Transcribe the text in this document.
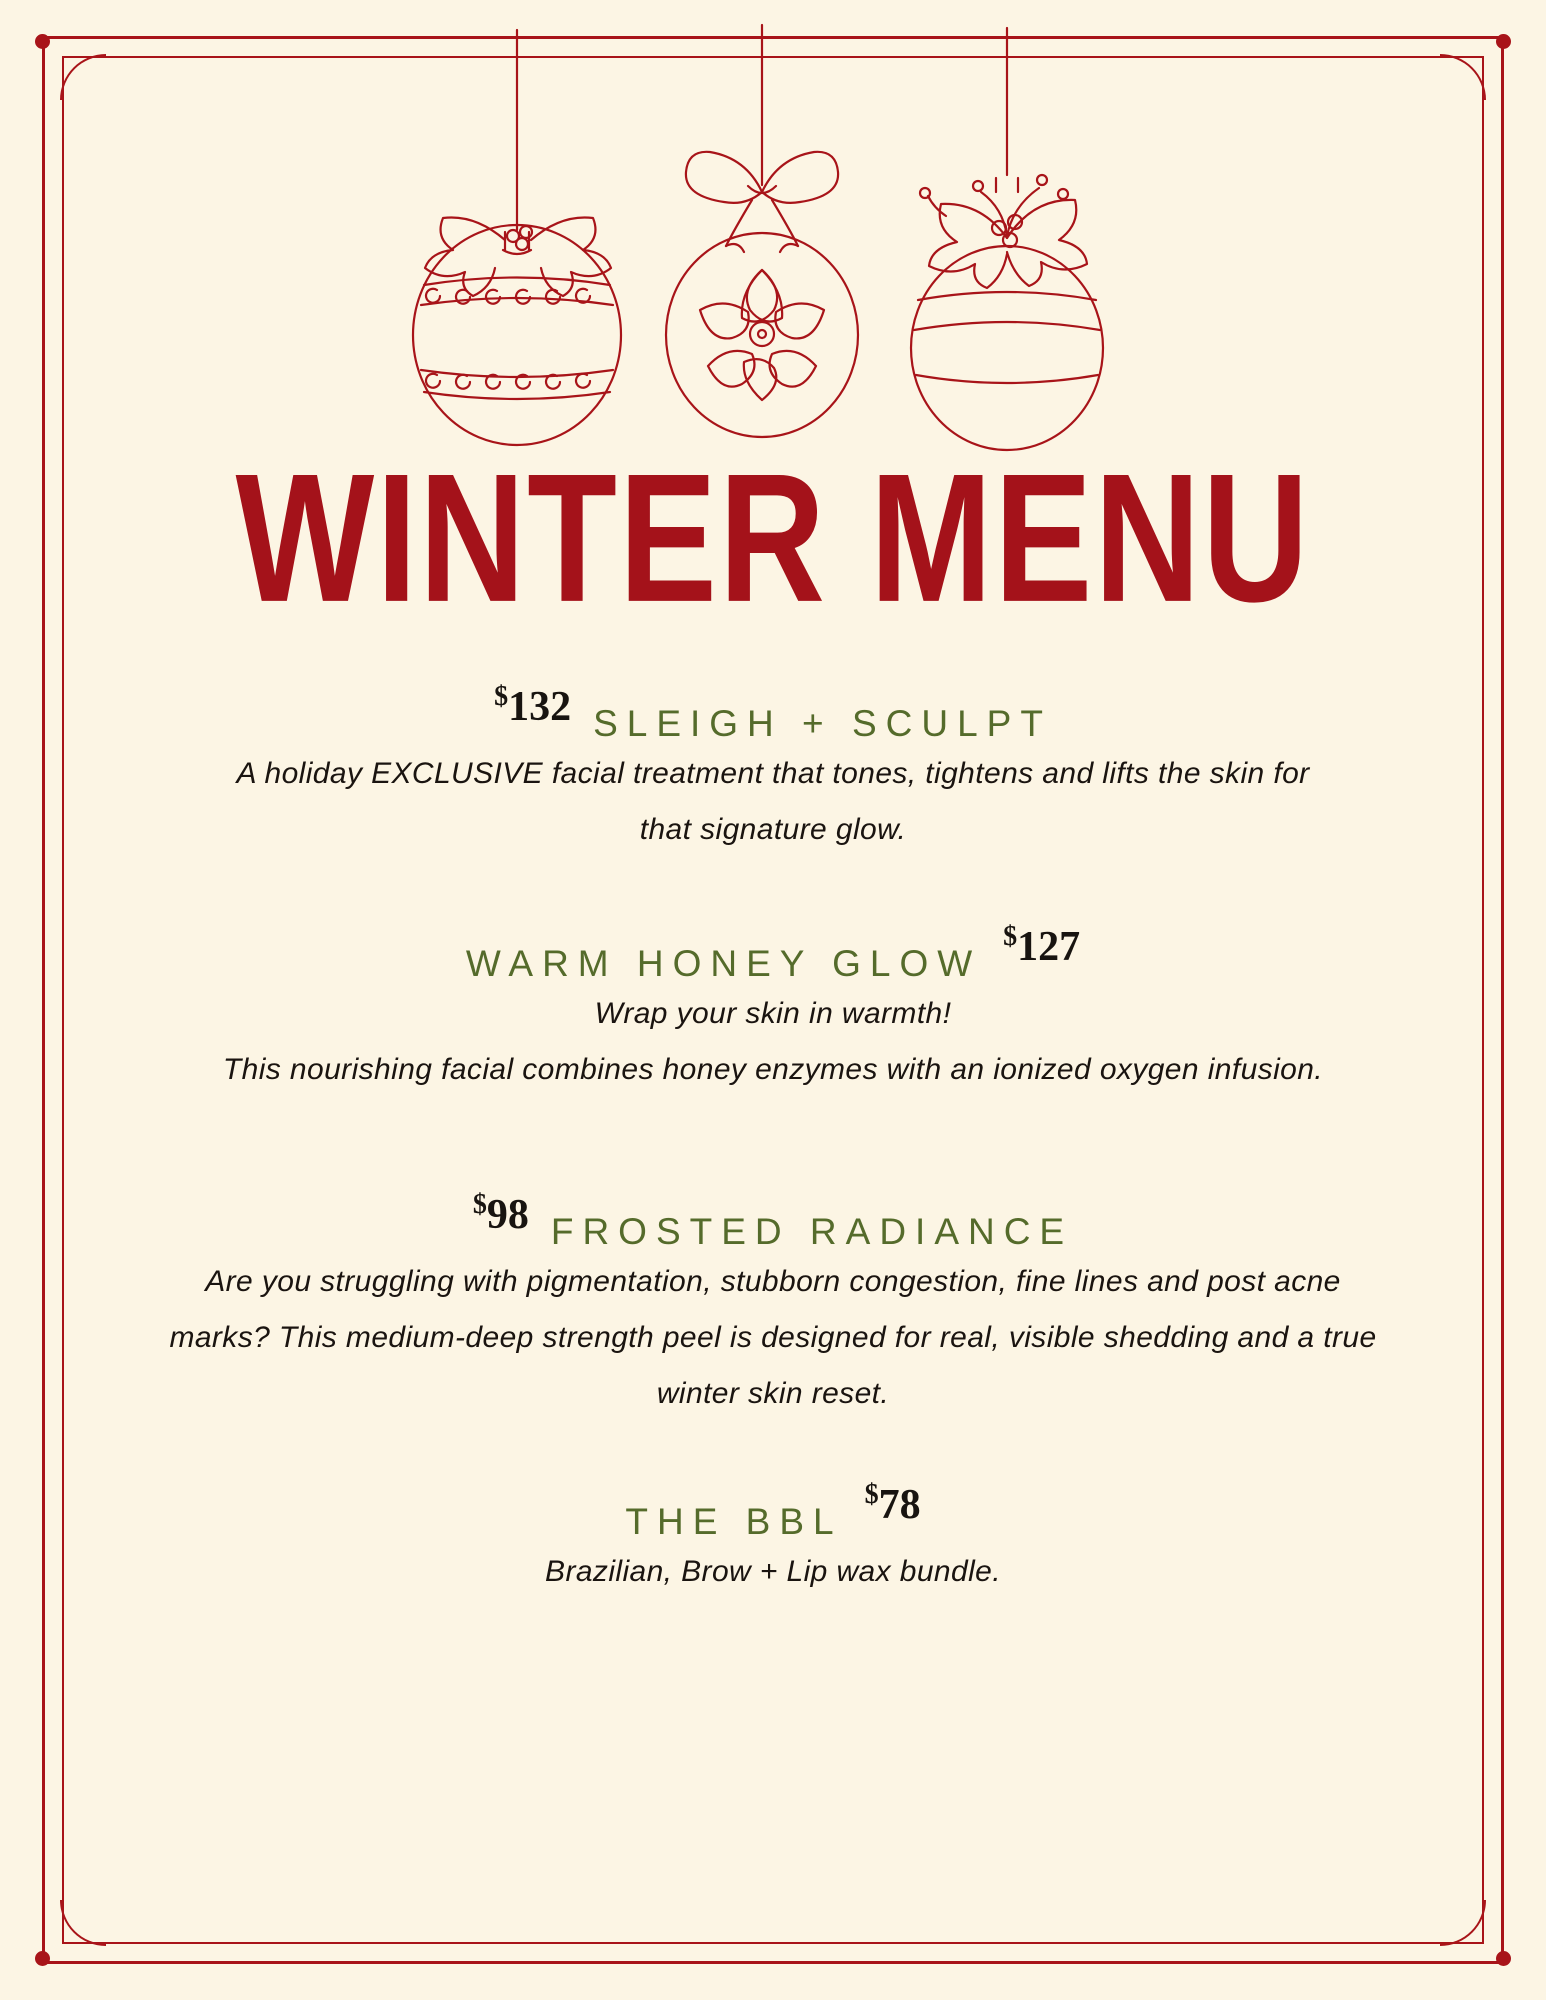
WINTER MENU
$132 SLEIGH + SCULPT
A holiday EXCLUSIVE facial treatment that tones, tightens and lifts the skin for that signature glow.
WARM HONEY GLOW
$127
Wrap your skin in warmth!
This nourishing facial combines honey enzymes with an ionized oxygen infusion.
$98 FROSTED RADIANCE
Are you struggling with pigmentation, stubborn congestion, fine lines and post acne marks? This medium-deep strength peel is designed for real, visible shedding and a true winter skin reset.
THE BBL
$78
Brazilian, Brow + Lip wax bundle.
